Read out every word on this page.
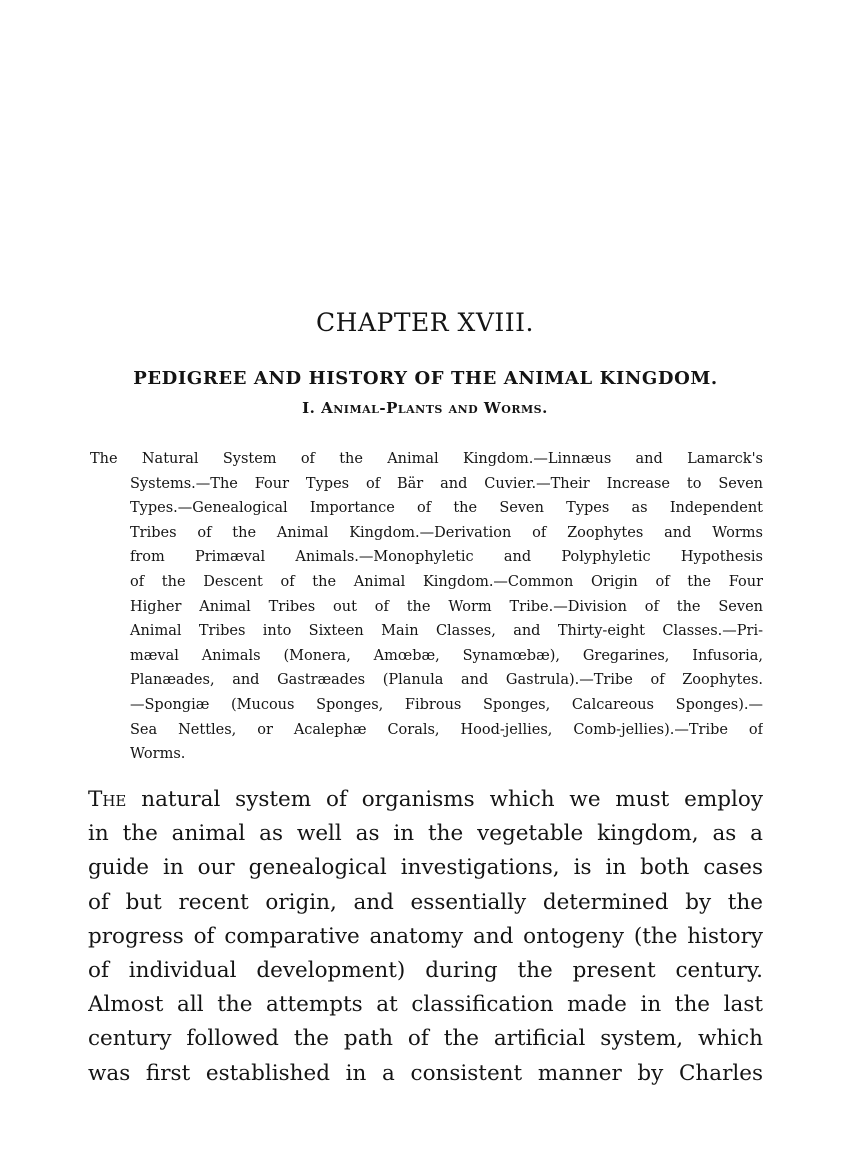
CHAPTER XVIII.
PEDIGREE AND HISTORY OF THE ANIMAL KINGDOM.
I. Animal-Plants and Worms.
The Natural System of the Animal Kingdom.—Linnæus and Lamarck's
Systems.—The Four Types of Bär and Cuvier.—Their Increase to Seven
Types.—Genealogical Importance of the Seven Types as Independent
Tribes of the Animal Kingdom.—Derivation of Zoophytes and Worms
from Primæval Animals.—Monophyletic and Polyphyletic Hypothesis
of the Descent of the Animal Kingdom.—Common Origin of the Four
Higher Animal Tribes out of the Worm Tribe.—Division of the Seven
Animal Tribes into Sixteen Main Classes, and Thirty-eight Classes.—Pri-
mæval Animals (Monera, Amœbæ, Synamœbæ), Gregarines, Infusoria,
Planæades, and Gastræades (Planula and Gastrula).—Tribe of Zoophytes.
—Spongiæ (Mucous Sponges, Fibrous Sponges, Calcareous Sponges).—
Sea Nettles, or Acalephæ Corals, Hood-jellies, Comb-jellies).—Tribe of
Worms.
The natural system of organisms which we must employ
in the animal as well as in the vegetable kingdom, as a
guide in our genealogical investigations, is in both cases
of but recent origin, and essentially determined by the
progress of comparative anatomy and ontogeny (the history
of individual development) during the present century.
Almost all the attempts at classification made in the last
century followed the path of the artificial system, which
was first established in a consistent manner by Charles
